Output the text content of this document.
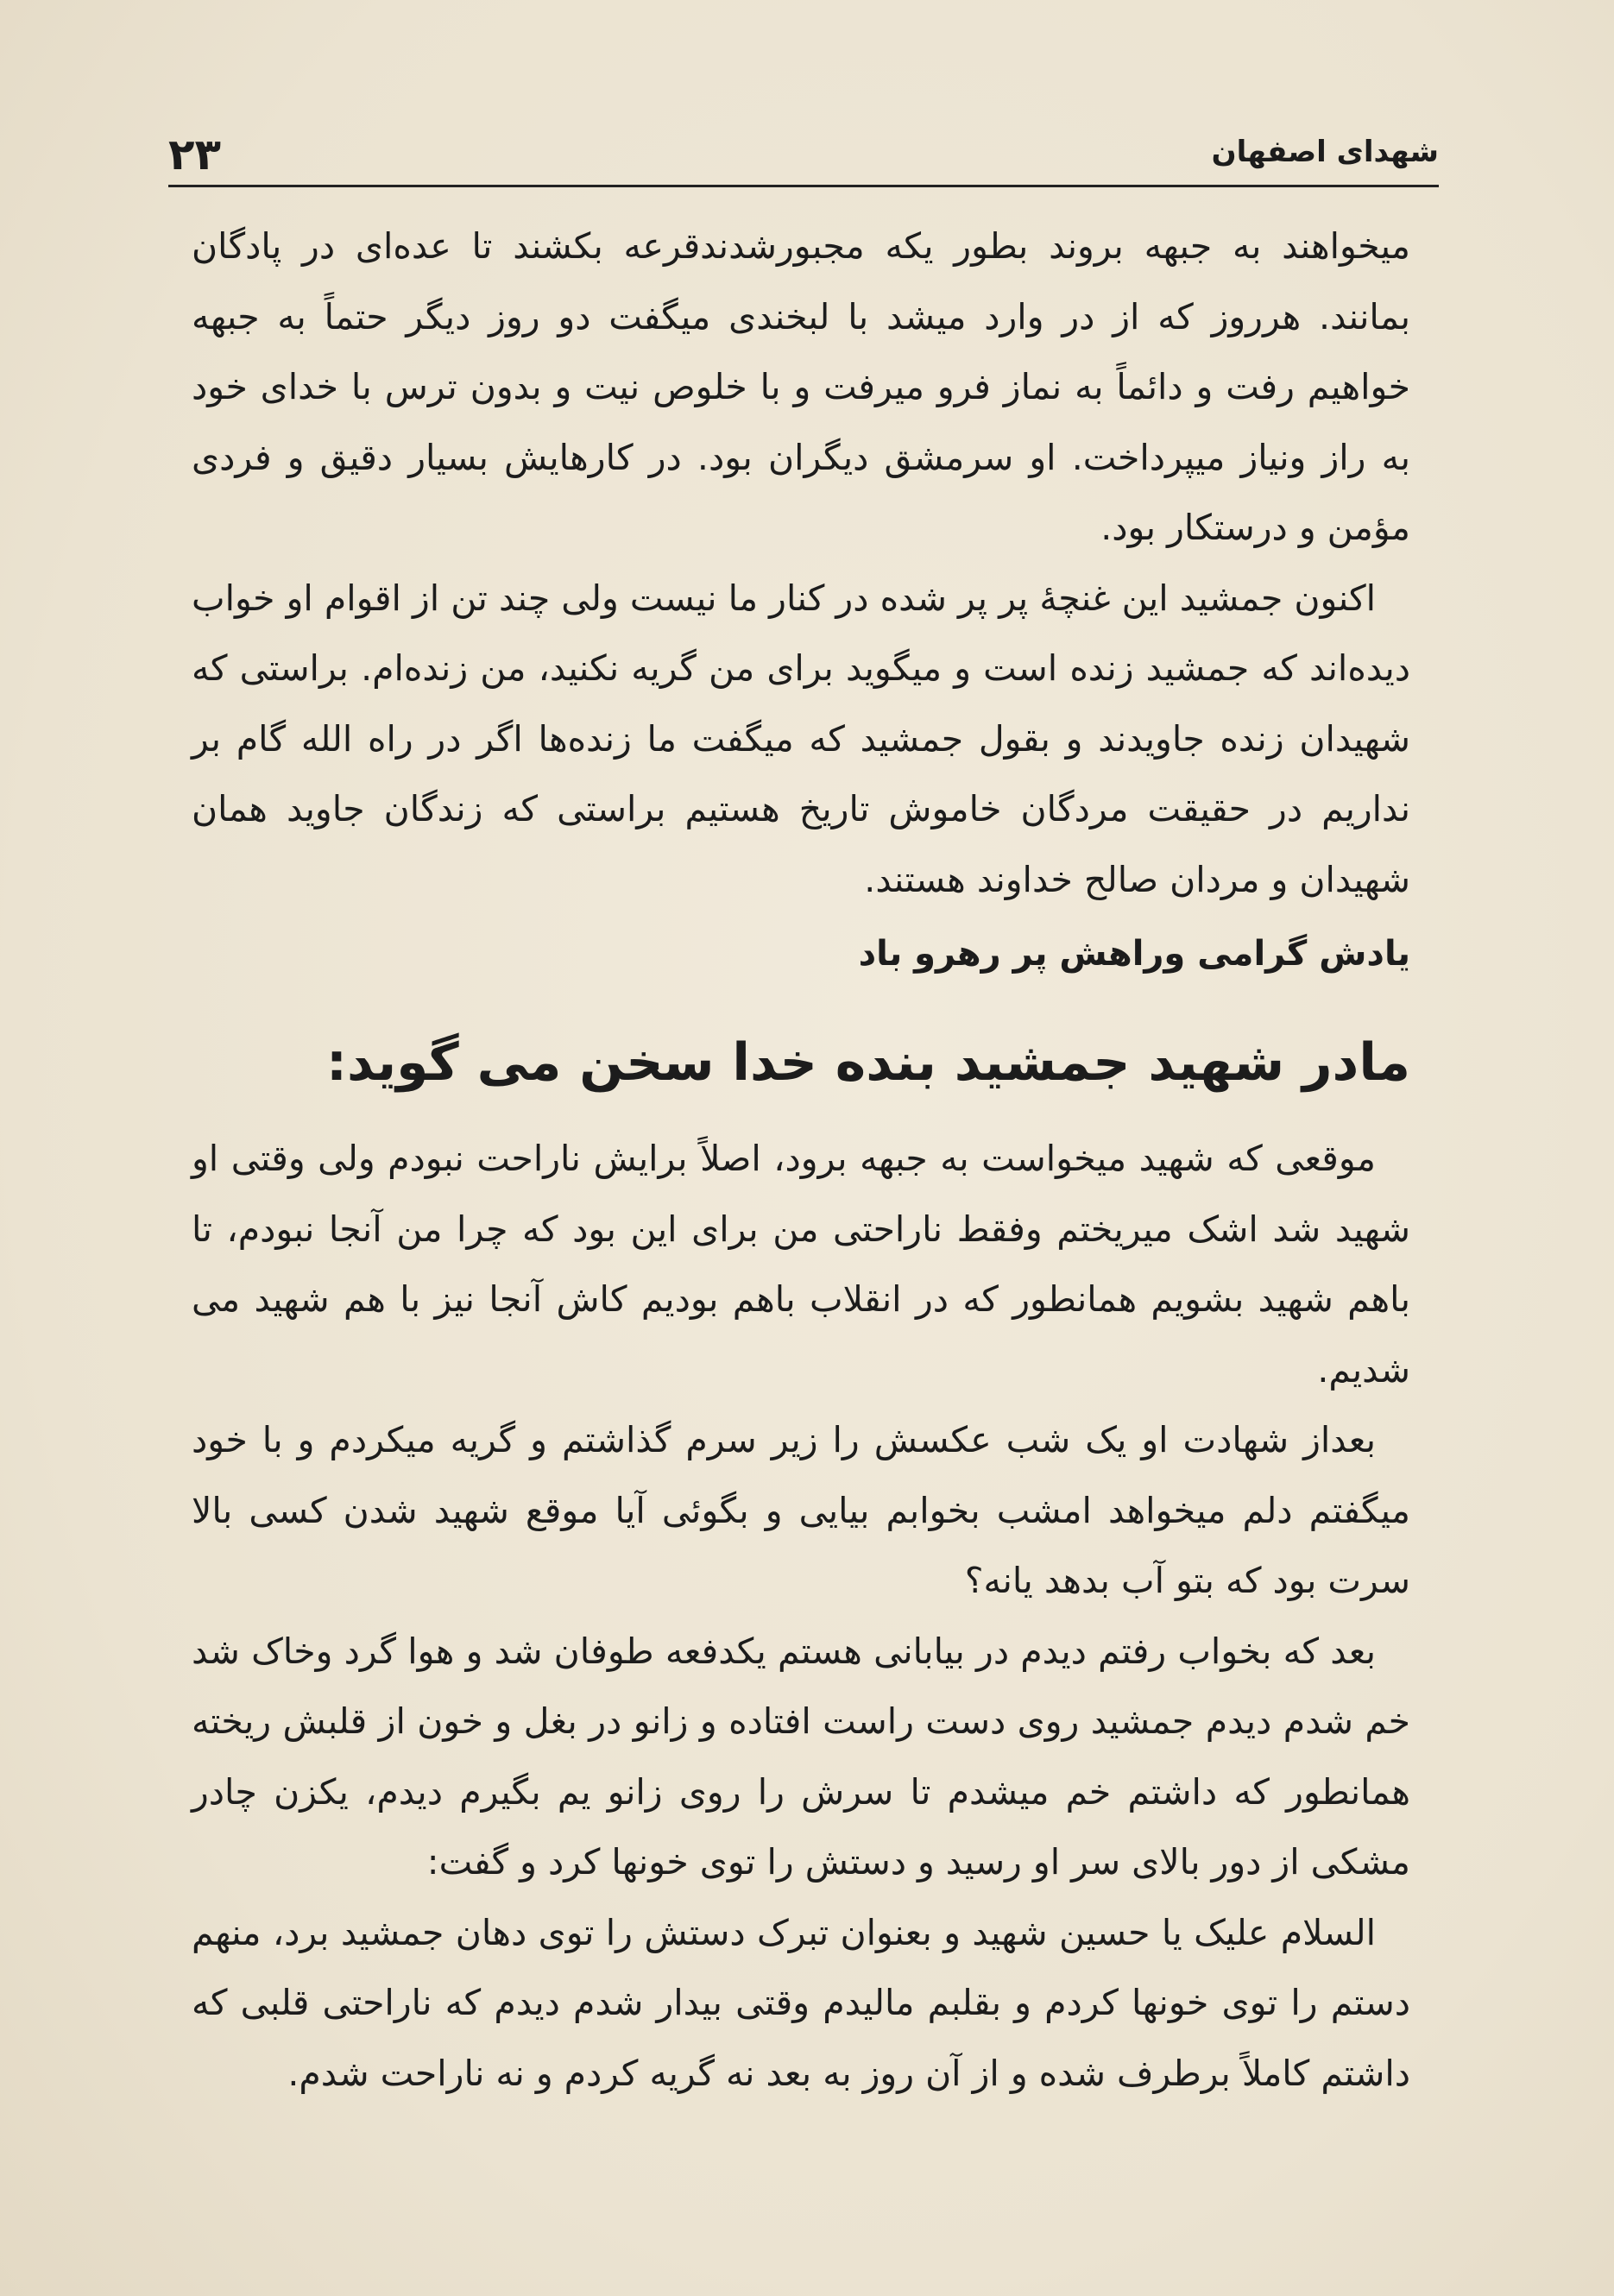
شهدای اصفهان
۲۳

میخواهند به جبهه بروند بطور یکه مجبورشدندقرعه بکشند تا عده‌ای در پادگان بمانند. هرروز که از در وارد میشد با لبخندی میگفت دو روز دیگر حتماً به جبهه خواهیم رفت و دائماً به نماز فرو میرفت و با خلوص نیت و بدون ترس با خدای خود به راز ونیاز میپرداخت. او سرمشق دیگران بود. در کارهایش بسیار دقیق و فردی مؤمن و درستکار بود.

اکنون جمشید این غنچهٔ پر پر شده در کنار ما نیست ولی چند تن از اقوام او خواب دیده‌اند که جمشید زنده است و میگوید برای من گریه نکنید، من زنده‌ام. براستی که شهیدان زنده جاویدند و بقول جمشید که میگفت ما زنده‌ها اگر در راه الله گام بر نداریم در حقیقت مردگان خاموش تاریخ هستیم براستی که زندگان جاوید همان شهیدان و مردان صالح خداوند هستند.

یادش گرامی وراهش پر رهرو باد

مادر شهید جمشید بنده خدا سخن می گوید:

موقعی که شهید میخواست به جبهه برود، اصلاً برایش ناراحت نبودم ولی وقتی او شهید شد اشک میریختم وفقط ناراحتی من برای این بود که چرا من آنجا نبودم، تا باهم شهید بشویم همانطور که در انقلاب باهم بودیم کاش آنجا نیز با هم شهید می شدیم.

بعداز شهادت او یک شب عکسش را زیر سرم گذاشتم و گریه میکردم و با خود میگفتم دلم میخواهد امشب بخوابم بیایی و بگوئی آیا موقع شهید شدن کسی بالا سرت بود که بتو آب بدهد یانه؟

بعد که بخواب رفتم دیدم در بیابانی هستم یکدفعه طوفان شد و هوا گرد وخاک شد خم شدم دیدم جمشید روی دست راست افتاده و زانو در بغل و خون از قلبش ریخته همانطور که داشتم خم میشدم تا سرش را روی زانو یم بگیرم دیدم، یکزن چادر مشکی از دور بالای سر او رسید و دستش را توی خونها کرد و گفت:

السلام علیک یا حسین شهید و بعنوان تبرک دستش را توی دهان جمشید برد، منهم دستم را توی خونها کردم و بقلبم مالیدم وقتی بیدار شدم دیدم که ناراحتی قلبی که داشتم کاملاً برطرف شده و از آن روز به بعد نه گریه کردم و نه ناراحت شدم.
